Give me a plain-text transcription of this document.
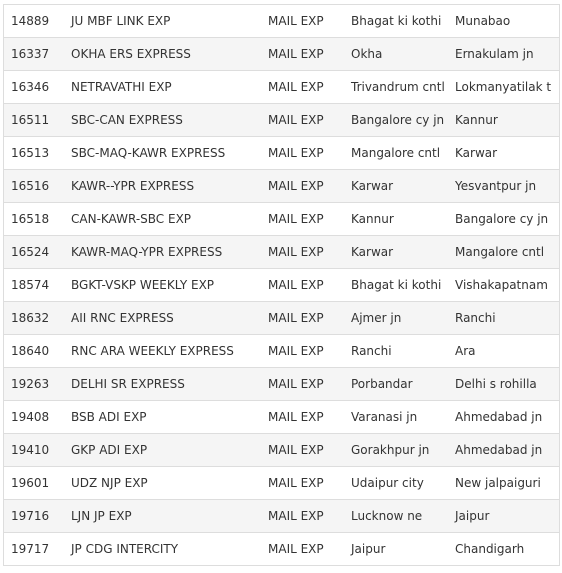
14889	JU MBF LINK EXP	MAIL EXP	Bhagat ki kothi	Munabao
16337	OKHA ERS EXPRESS	MAIL EXP	Okha	Ernakulam jn
16346	NETRAVATHI EXP	MAIL EXP	Trivandrum cntl	Lokmanyatilak t
16511	SBC-CAN EXPRESS	MAIL EXP	Bangalore cy jn	Kannur
16513	SBC-MAQ-KAWR EXPRESS	MAIL EXP	Mangalore cntl	Karwar
16516	KAWR--YPR EXPRESS	MAIL EXP	Karwar	Yesvantpur jn
16518	CAN-KAWR-SBC EXP	MAIL EXP	Kannur	Bangalore cy jn
16524	KAWR-MAQ-YPR EXPRESS	MAIL EXP	Karwar	Mangalore cntl
18574	BGKT-VSKP WEEKLY EXP	MAIL EXP	Bhagat ki kothi	Vishakapatnam
18632	AII RNC EXPRESS	MAIL EXP	Ajmer jn	Ranchi
18640	RNC ARA WEEKLY EXPRESS	MAIL EXP	Ranchi	Ara
19263	DELHI SR EXPRESS	MAIL EXP	Porbandar	Delhi s rohilla
19408	BSB ADI EXP	MAIL EXP	Varanasi jn	Ahmedabad jn
19410	GKP ADI EXP	MAIL EXP	Gorakhpur jn	Ahmedabad jn
19601	UDZ NJP EXP	MAIL EXP	Udaipur city	New jalpaiguri
19716	LJN JP EXP	MAIL EXP	Lucknow ne	Jaipur
19717	JP CDG INTERCITY	MAIL EXP	Jaipur	Chandigarh
